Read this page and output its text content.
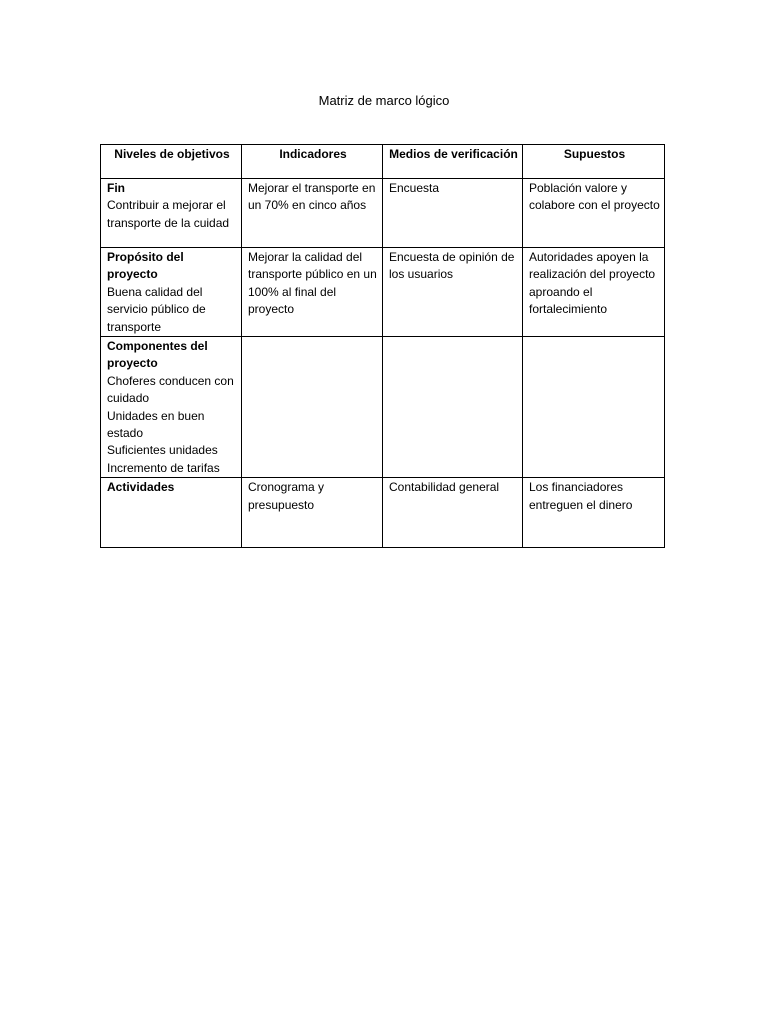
Matriz de marco lógico
Niveles de objetivos	Indicadores	Medios de verificación	Supuestos

Fin
Contribuir a mejorar el transporte de la cuidad	Mejorar el transporte en un 70% en cinco años	Encuesta	Población valore y colabore con el proyecto

Propósito del proyecto
Buena calidad del servicio público de transporte	Mejorar la calidad del transporte público en un 100% al final del proyecto	Encuesta de opinión de los usuarios	Autoridades apoyen la realización del proyecto aproando el fortalecimiento

Componentes del proyecto
Choferes conducen con cuidado
Unidades en buen estado
Suficientes unidades
Incremento de tarifas			

Actividades	Cronograma y presupuesto	Contabilidad general	Los financiadores entreguen el dinero
